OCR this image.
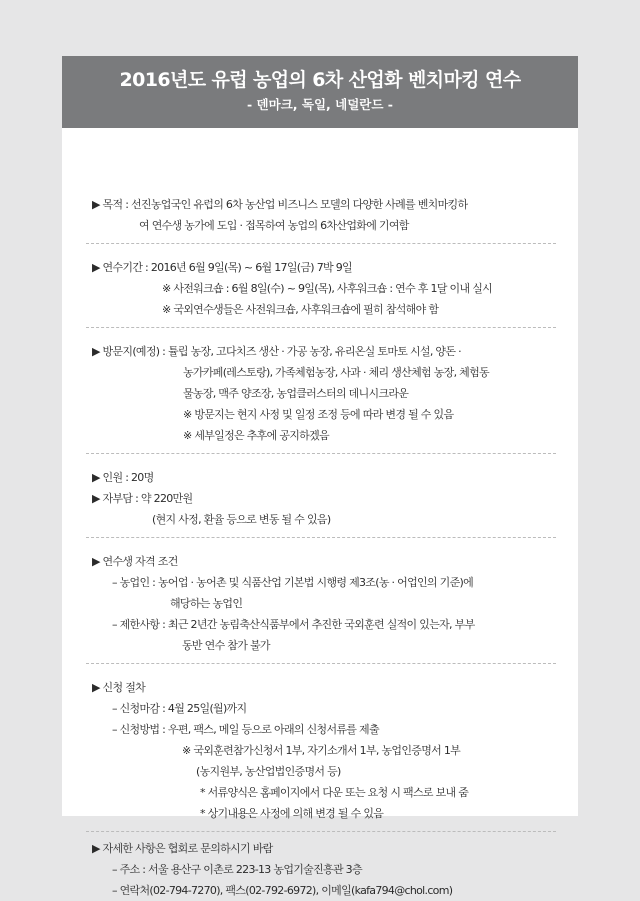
2016년도 유럽 농업의 6차 산업화 벤치마킹 연수
- 덴마크, 독일, 네덜란드 -
▶ 목적 : 선진농업국인 유럽의 6차 농산업 비즈니스 모델의 다양한 사례를 벤치마킹하
여 연수생 농가에 도입 · 접목하여 농업의 6차산업화에 기여함
▶ 연수기간 : 2016년 6월 9일(목) ~ 6월 17일(금) 7박 9일
※ 사전워크숍 : 6월 8일(수) ~ 9일(목), 사후워크숍 : 연수 후 1달 이내 실시
※ 국외연수생들은 사전워크숍, 사후워크숍에 필히 참석해야 함
▶ 방문지(예정) : 튤립 농장, 고다치즈 생산 · 가공 농장, 유리온실 토마토 시설, 양돈 ·
농가카페(레스토랑), 가족체험농장, 사과 · 체리 생산체험 농장, 체험동
물농장, 맥주 양조장, 농업클러스터의 데니시크라운
※ 방문지는 현지 사정 및 일정 조정 등에 따라 변경 될 수 있음
※ 세부일정은 추후에 공지하겠음
▶ 인원 : 20명
▶ 자부담 : 약 220만원
(현지 사정, 환율 등으로 변동 될 수 있음)
▶ 연수생 자격 조건
– 농업인 : 농어업 · 농어촌 및 식품산업 기본법 시행령 제3조(농 · 어업인의 기준)에
해당하는 농업인
– 제한사항 : 최근 2년간 농림축산식품부에서 추진한 국외훈련 실적이 있는자, 부부
동반 연수 참가 불가
▶ 신청 절차
– 신청마감 : 4월 25일(월)까지
– 신청방법 : 우편, 팩스, 메일 등으로 아래의 신청서류를 제출
※ 국외훈련참가신청서 1부, 자기소개서 1부, 농업인증명서 1부
(농지원부, 농산업법인증명서 등)
* 서류양식은 홈페이지에서 다운 또는 요청 시 팩스로 보내 줌
* 상기내용은 사정에 의해 변경 될 수 있음
▶ 자세한 사항은 협회로 문의하시기 바람
– 주소 : 서울 용산구 이촌로 223-13 농업기술진흥관 3층
– 연락처(02-794-7270), 팩스(02-792-6972), 이메일(kafa794@chol.com)
